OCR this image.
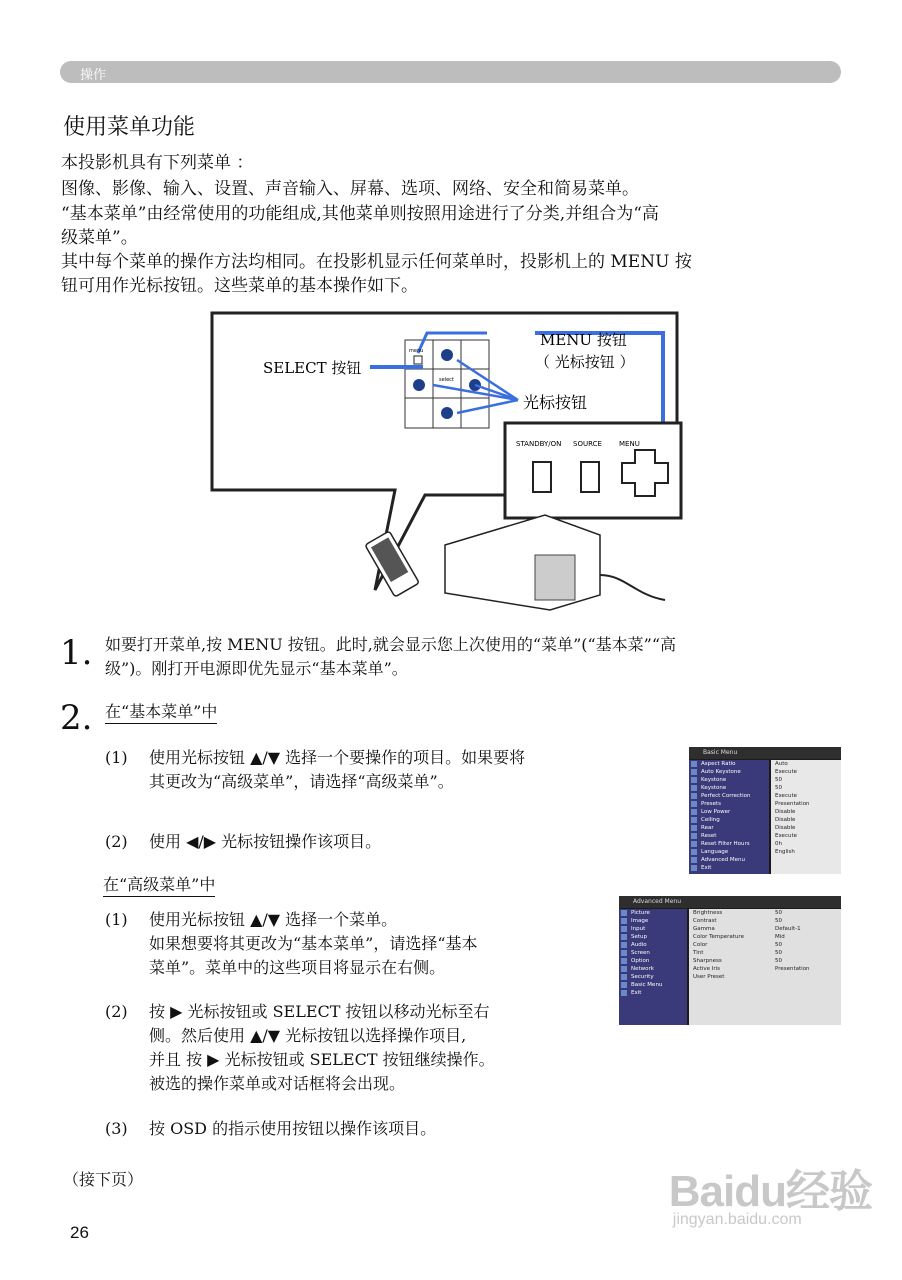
操作
使用菜单功能
本投影机具有下列菜单 ：
图像、影像、输入、设置、声音输入、屏幕、选项、网络、安全和简易菜单。
“基本菜单”由经常使用的功能组成,其他菜单则按照用途进行了分类,并组合为“高
级菜单”。
其中每个菜单的操作方法均相同。在投影机显示任何菜单时，投影机上的 MENU 按
钮可用作光标按钮。这些菜单的基本操作如下。
SELECT 按钮
MENU 按钮
（ 光标按钮 ）
光标按钮
menu
select
STANDBY/ON SOURCE MENU
1. 如要打开菜单,按 MENU 按钮。此时,就会显示您上次使用的“菜单”(“基本菜”“高
级”)。刚打开电源即优先显示“基本菜单”。
2. 在“基本菜单”中
(1) 使用光标按钮 ▲/▼ 选择一个要操作的项目。如果要将
其更改为“高级菜单”，请选择“高级菜单”。
(2) 使用 ◀/▶ 光标按钮操作该项目。
在“高级菜单”中
(1) 使用光标按钮 ▲/▼ 选择一个菜单。
如果想要将其更改为“基本菜单”，请选择“基本
菜单”。菜单中的这些项目将显示在右侧。
(2) 按 ▶ 光标按钮或 SELECT 按钮以移动光标至右
侧。然后使用 ▲/▼ 光标按钮以选择操作项目,
并且 按 ▶ 光标按钮或 SELECT 按钮继续操作。
被选的操作菜单或对话框将会出现。
(3) 按 OSD 的指示使用按钮以操作该项目。
Basic Menu
Aspect Ratio
Auto Keystone
Keystone
Keystone
Perfect Correction
Presets
Low Power
Ceiling
Rear
Reset
Reset Filter Hours
Language
Advanced Menu
Exit
Auto
Execute
50
50
Execute
Presentation
Disable
Disable
Disable
Execute
0h
English
Advanced Menu
Picture
Image
Input
Setup
Audio
Screen
Option
Network
Security
Basic Menu
Exit
Brightness
Contrast
Gamma
Color Temperature
Color
Tint
Sharpness
Active Iris
User Preset
50
50
Default-1
Mid
50
50
50
Presentation
（接下页）
26
Baidu经验
jingyan.baidu.com
